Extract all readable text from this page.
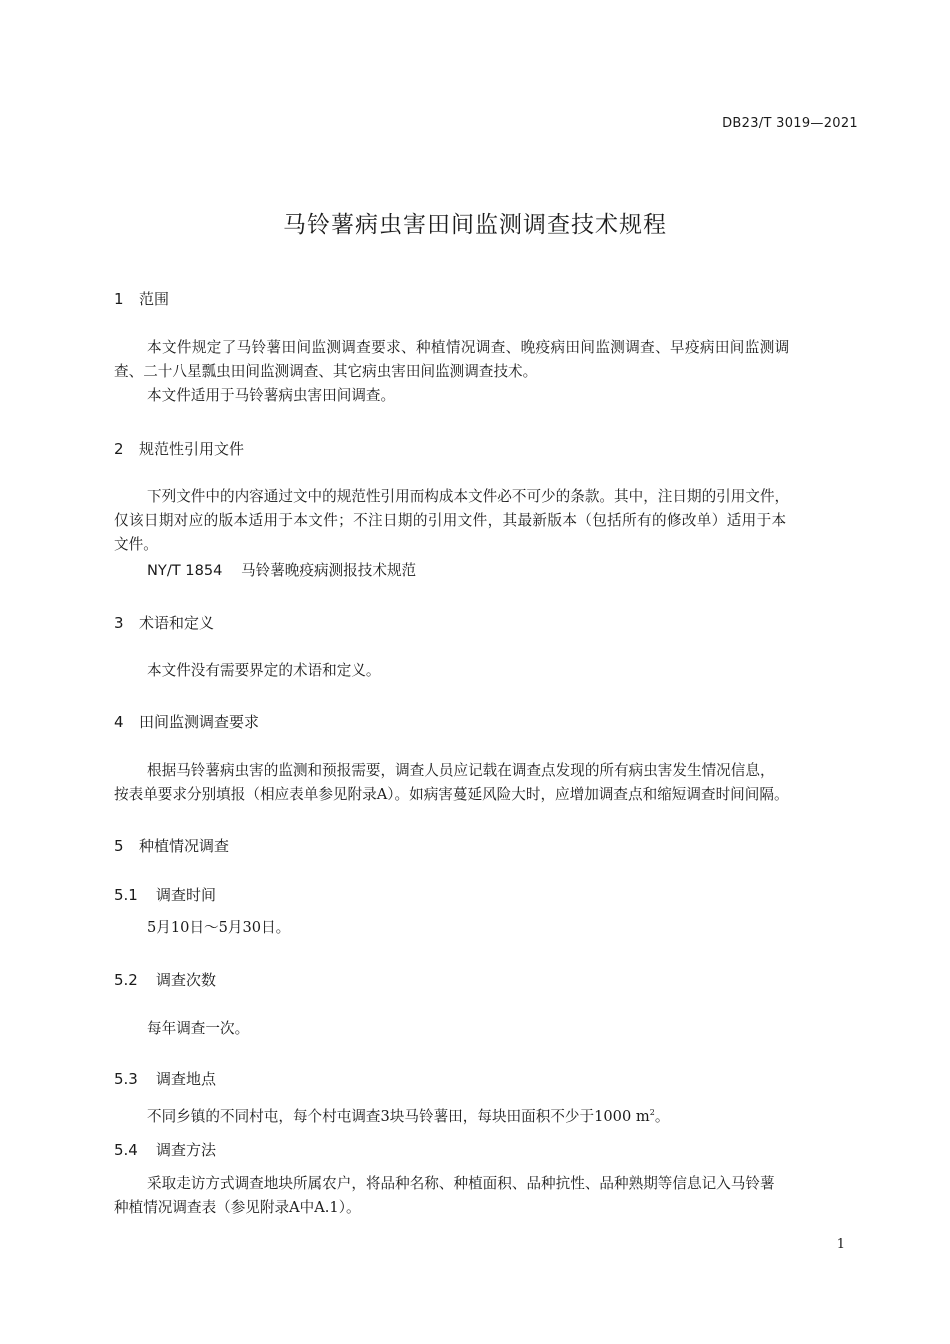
DB23/T 3019—2021
马铃薯病虫害田间监测调查技术规程
1 范围
本文件规定了马铃薯田间监测调查要求、种植情况调查、晚疫病田间监测调查、早疫病田间监测调
查、二十八星瓢虫田间监测调查、其它病虫害田间监测调查技术。
本文件适用于马铃薯病虫害田间调查。
2 规范性引用文件
下列文件中的内容通过文中的规范性引用而构成本文件必不可少的条款。其中，注日期的引用文件，
仅该日期对应的版本适用于本文件；不注日期的引用文件，其最新版本（包括所有的修改单）适用于本
文件。
NY/T 1854 马铃薯晚疫病测报技术规范
3 术语和定义
本文件没有需要界定的术语和定义。
4 田间监测调查要求
根据马铃薯病虫害的监测和预报需要，调查人员应记载在调查点发现的所有病虫害发生情况信息，
按表单要求分别填报（相应表单参见附录A）。如病害蔓延风险大时，应增加调查点和缩短调查时间间隔。
5 种植情况调查
5.1 调查时间
5月10日～5月30日。
5.2 调查次数
每年调查一次。
5.3 调查地点
不同乡镇的不同村屯，每个村屯调查3块马铃薯田，每块田面积不少于1000 $m^2$。
5.4 调查方法
采取走访方式调查地块所属农户，将品种名称、种植面积、品种抗性、品种熟期等信息记入马铃薯
种植情况调查表（参见附录A中A.1）。
1
